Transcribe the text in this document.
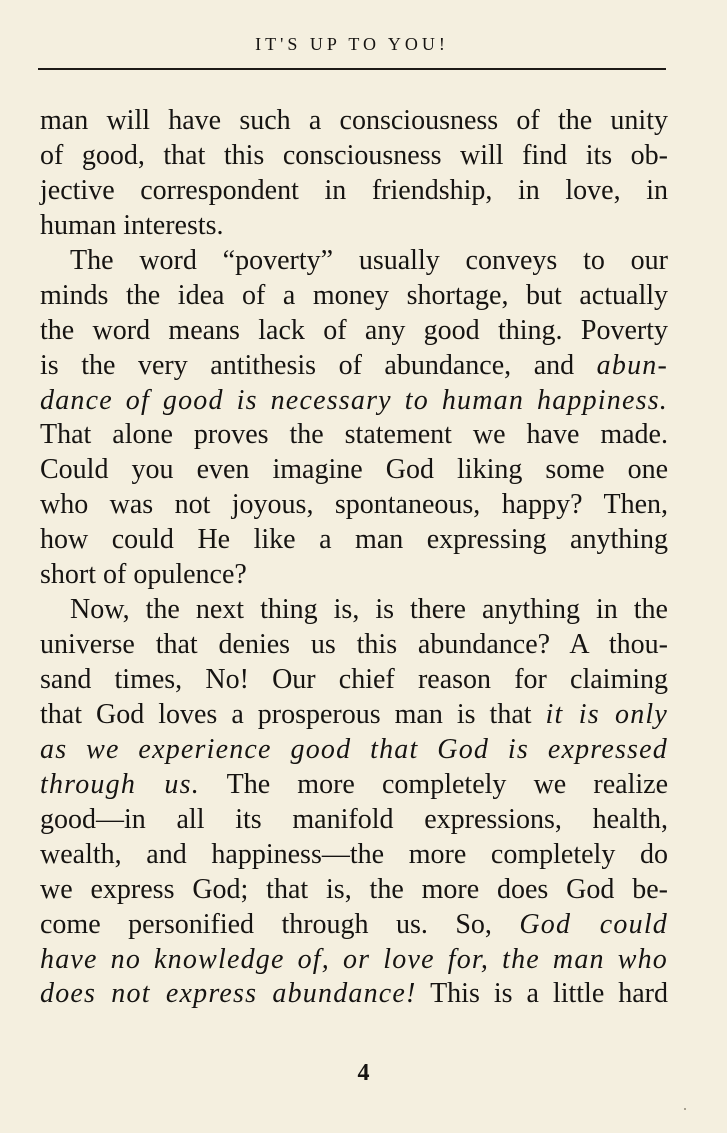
IT'S UP TO YOU!
man will have such a consciousness of the unity
of good, that this consciousness will find its ob-
jective correspondent in friendship, in love, in
human interests.
The word “poverty” usually conveys to our
minds the idea of a money shortage, but actually
the word means lack of any good thing. Poverty
is the very antithesis of abundance, and abun-
dance of good is necessary to human happiness.
That alone proves the statement we have made.
Could you even imagine God liking some one
who was not joyous, spontaneous, happy? Then,
how could He like a man expressing anything
short of opulence?
Now, the next thing is, is there anything in the
universe that denies us this abundance? A thou-
sand times, No! Our chief reason for claiming
that God loves a prosperous man is that it is only
as we experience good that God is expressed
through us. The more completely we realize
good—in all its manifold expressions, health,
wealth, and happiness—the more completely do
we express God; that is, the more does God be-
come personified through us. So, God could
have no knowledge of, or love for, the man who
does not express abundance! This is a little hard
4
